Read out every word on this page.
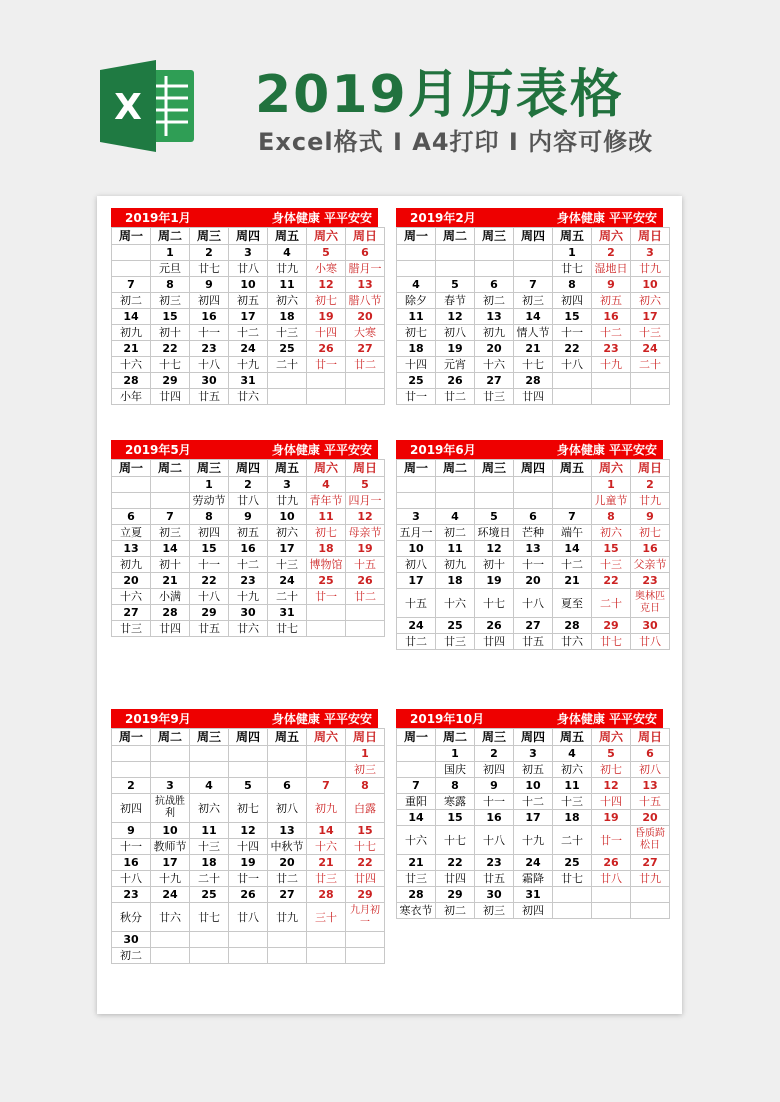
X 2019月历表格
Excel格式 Ⅰ A4打印 Ⅰ 内容可修改
2019年1月	身体健康 平平安安
周一	周二	周三	周四	周五	周六	周日
	1	2	3	4	5	6
	元旦	廿七	廿八	廿九	小寒	腊月一
7	8	9	10	11	12	13
初二	初三	初四	初五	初六	初七	腊八节
14	15	16	17	18	19	20
初九	初十	十一	十二	十三	十四	大寒
21	22	23	24	25	26	27
十六	十七	十八	十九	二十	廿一	廿二
28	29	30	31			
小年	廿四	廿五	廿六			
2019年2月	身体健康 平平安安
周一	周二	周三	周四	周五	周六	周日
				1	2	3
				廿七	湿地日	廿九
4	5	6	7	8	9	10
除夕	春节	初二	初三	初四	初五	初六
11	12	13	14	15	16	17
初七	初八	初九	情人节	十一	十二	十三
18	19	20	21	22	23	24
十四	元宵	十六	十七	十八	十九	二十
25	26	27	28			
廿一	廿二	廿三	廿四			
2019年5月	身体健康 平平安安
周一	周二	周三	周四	周五	周六	周日
		1	2	3	4	5
		劳动节	廿八	廿九	青年节	四月一
6	7	8	9	10	11	12
立夏	初三	初四	初五	初六	初七	母亲节
13	14	15	16	17	18	19
初九	初十	十一	十二	十三	博物馆	十五
20	21	22	23	24	25	26
十六	小满	十八	十九	二十	廿一	廿二
27	28	29	30	31		
廿三	廿四	廿五	廿六	廿七		
2019年6月	身体健康 平平安安
周一	周二	周三	周四	周五	周六	周日
					1	2
					儿童节	廿九
3	4	5	6	7	8	9
五月一	初二	环境日	芒种	端午	初六	初七
10	11	12	13	14	15	16
初八	初九	初十	十一	十二	十三	父亲节
17	18	19	20	21	22	23
十五	十六	十七	十八	夏至	二十	奥林匹克日
24	25	26	27	28	29	30
廿二	廿三	廿四	廿五	廿六	廿七	廿八
2019年9月	身体健康 平平安安
周一	周二	周三	周四	周五	周六	周日
						1
						初三
2	3	4	5	6	7	8
初四	抗战胜利	初六	初七	初八	初九	白露
9	10	11	12	13	14	15
十一	教师节	十三	十四	中秋节	十六	十七
16	17	18	19	20	21	22
十八	十九	二十	廿一	廿二	廿三	廿四
23	24	25	26	27	28	29
秋分	廿六	廿七	廿八	廿九	三十	九月初一
30						
初二						
2019年10月	身体健康 平平安安
周一	周二	周三	周四	周五	周六	周日
	1	2	3	4	5	6
	国庆	初四	初五	初六	初七	初八
7	8	9	10	11	12	13
重阳	寒露	十一	十二	十三	十四	十五
14	15	16	17	18	19	20
十六	十七	十八	十九	二十	廿一	昏质踦松日
21	22	23	24	25	26	27
廿三	廿四	廿五	霜降	廿七	廿八	廿九
28	29	30	31			
寒衣节	初二	初三	初四			
